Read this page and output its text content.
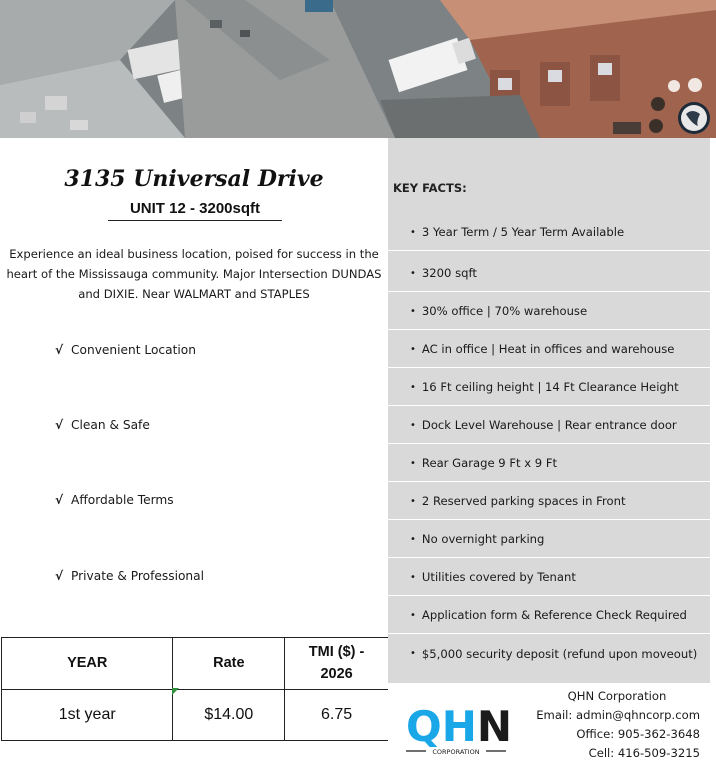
3135 Universal Drive
UNIT 12 - 3200sqft
Experience an ideal business location, poised for success in the heart of the Mississauga community. Major Intersection DUNDAS and DIXIE. Near WALMART and STAPLES
√ Convenient Location
√ Clean & Safe
√ Affordable Terms
√ Private & Professional
YEAR	Rate	TMI ($) - 2026
1st year	$14.00	6.75
KEY FACTS:
• 3 Year Term / 5 Year Term Available
• 3200 sqft
• 30% office | 70% warehouse
• AC in office | Heat in offices and warehouse
• 16 Ft ceiling height | 14 Ft Clearance Height
• Dock Level Warehouse | Rear entrance door
• Rear Garage 9 Ft x 9 Ft
• 2 Reserved parking spaces in Front
• No overnight parking
• Utilities covered by Tenant
• Application form & Reference Check Required
• $5,000 security deposit (refund upon moveout)
QHN
CORPORATION
QHN Corporation
Email: admin@qhncorp.com
Office: 905-362-3648
Cell: 416-509-3215
